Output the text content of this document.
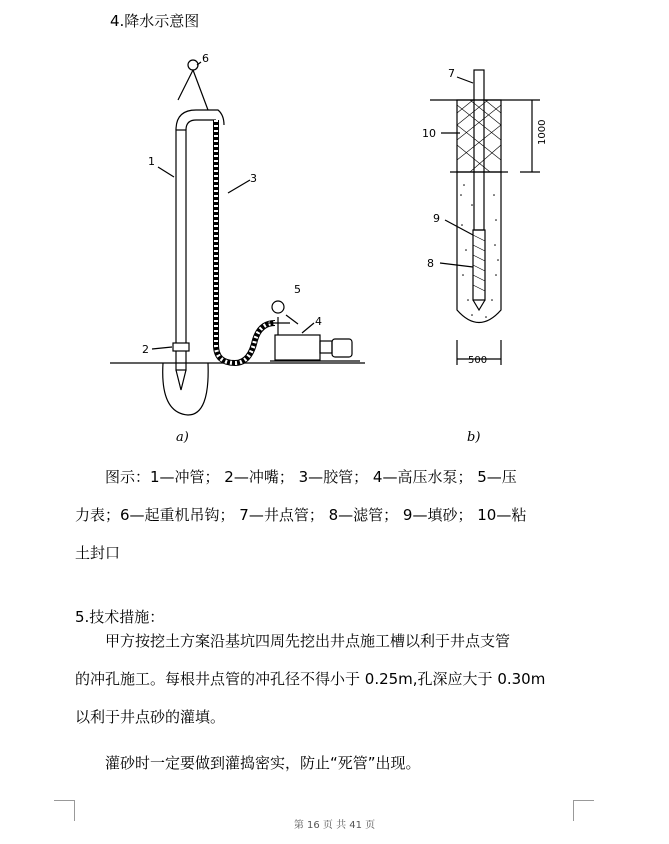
4.降水示意图
1
2
3
4
5
6
7
8
9
10	1000
500
a)	b)

图示：1—冲管； 2—冲嘴； 3—胶管； 4—高压水泵； 5—压

力表；6—起重机吊钩； 7—井点管； 8—滤管； 9—填砂； 10—粘

土封口

5.技术措施：

甲方按挖土方案沿基坑四周先挖出井点施工槽以利于井点支管

的冲孔施工。每根井点管的冲孔径不得小于 0.25m,孔深应大于 0.30m

以利于井点砂的灌填。

灌砂时一定要做到灌捣密实，防止“死管”出现。

第 16 页 共 41 页
